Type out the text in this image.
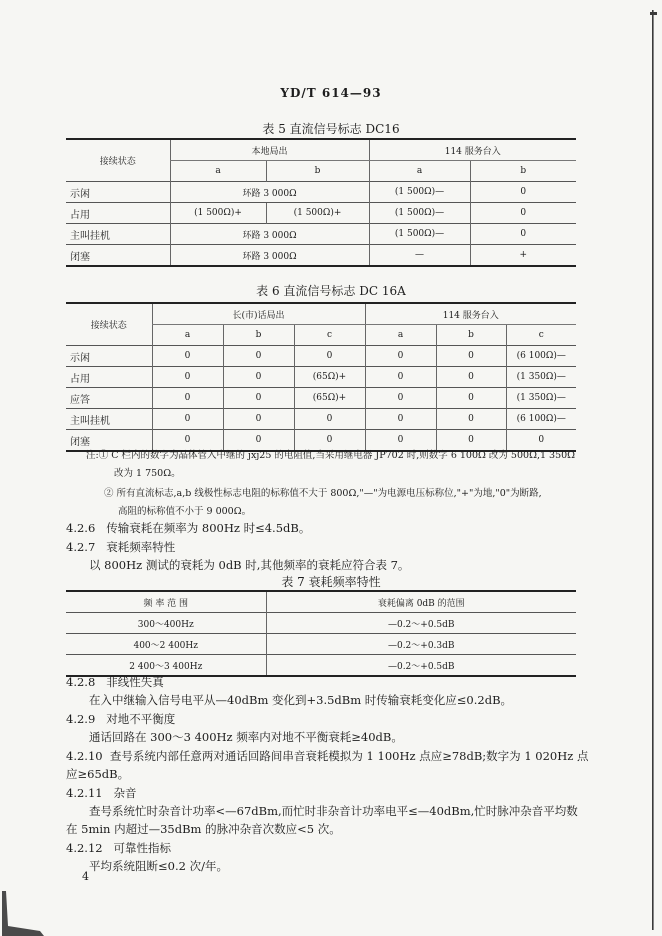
YD/T 614—93
表 5 直流信号标志 DC16
接续状态	本地局出		114 服务台入	
	a	b	a	b
示闲	环路 3 000Ω		(1 500Ω)—	0
占用	(1 500Ω)+	(1 500Ω)+	(1 500Ω)—	0
主叫挂机	环路 3 000Ω		(1 500Ω)—	0
闭塞	环路 3 000Ω		—	+
表 6 直流信号标志 DC 16A
接续状态	长(市)话局出			114 服务台入		
	a	b	c	a	b	c
示闲	0	0	0	0	0	(6 100Ω)—
占用	0	0	(65Ω)+	0	0	(1 350Ω)—
应答	0	0	(65Ω)+	0	0	(1 350Ω)—
主叫挂机	0	0	0	0	0	(6 100Ω)—
闭塞	0	0	0	0	0	0
注:① C 栏内的数字为晶体管入中继的 jxj25 的电阻值,当采用继电器 JP702 时,则数字 6 100Ω 改为 500Ω,1 350Ω
改为 1 750Ω。
② 所有直流标志,a,b 线极性标志电阻的标称值不大于 800Ω,"—"为电源电压标称位,"+"为地,"0"为断路,
高阻的标称值不小于 9 000Ω。
4.2.6 传输衰耗在频率为 800Hz 时≤4.5dB。
4.2.7 衰耗频率特性
以 800Hz 测试的衰耗为 0dB 时,其他频率的衰耗应符合表 7。
表 7 衰耗频率特性
频 率 范 围	衰耗偏离 0dB 的范围
300～400Hz	—0.2～+0.5dB
400～2 400Hz	—0.2～+0.3dB
2 400～3 400Hz	—0.2～+0.5dB
4.2.8 非线性失真
在入中继输入信号电平从—40dBm 变化到+3.5dBm 时传输衰耗变化应≤0.2dB。
4.2.9 对地不平衡度
通话回路在 300～3 400Hz 频率内对地不平衡衰耗≥40dB。
4.2.10 查号系统内部任意两对通话回路间串音衰耗模拟为 1 100Hz 点应≥78dB;数字为 1 020Hz 点
应≥65dB。
4.2.11 杂音
查号系统忙时杂音计功率<—67dBm,而忙时非杂音计功率电平≤—40dBm,忙时脉冲杂音平均数
在 5min 内超过—35dBm 的脉冲杂音次数应<5 次。
4.2.12 可靠性指标
平均系统阻断≤0.2 次/年。
4
